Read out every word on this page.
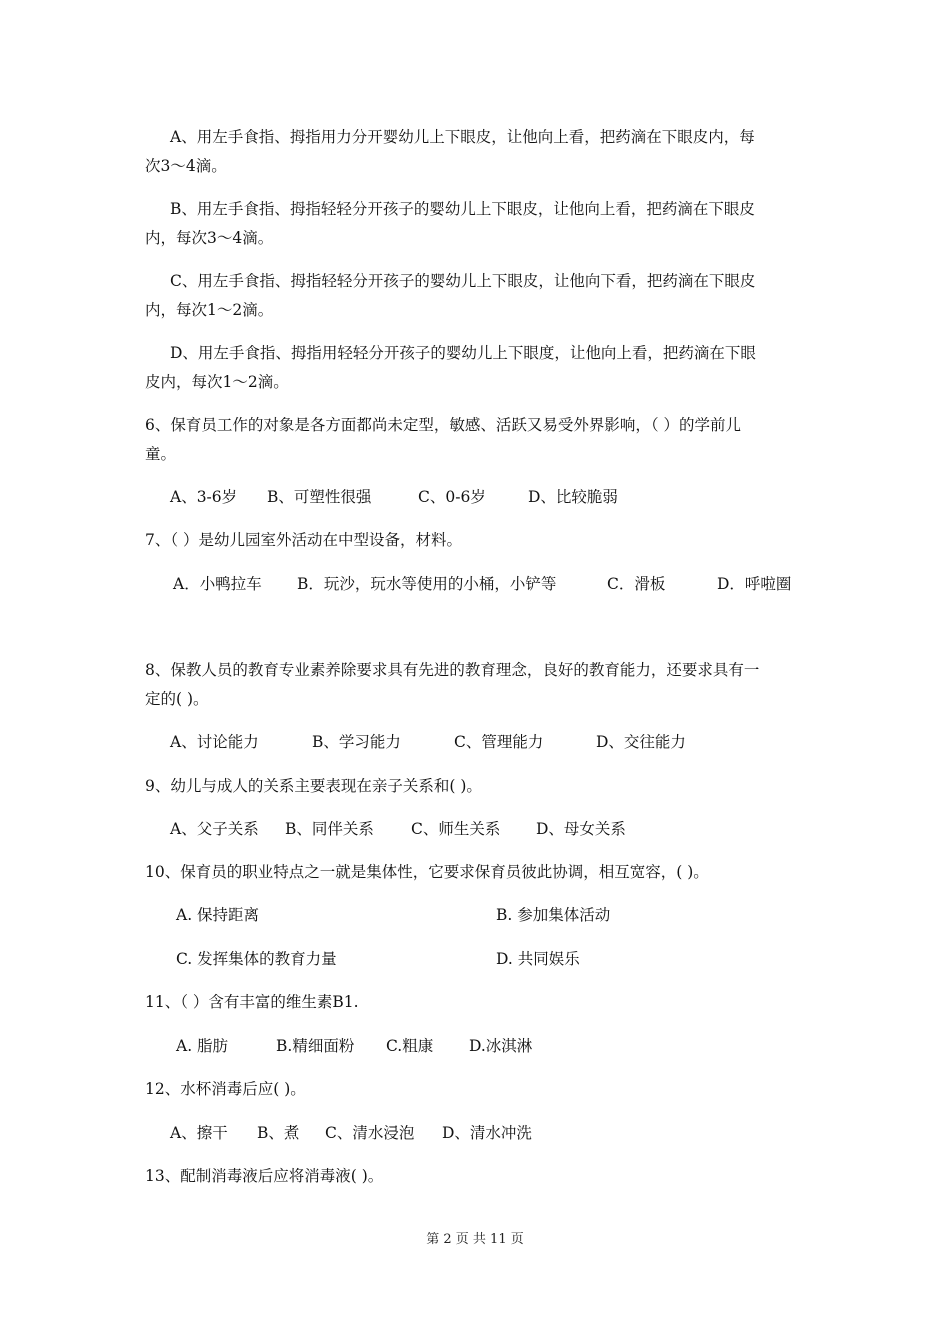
A、用左手食指、拇指用力分开婴幼儿上下眼皮，让他向上看，把药滴在下眼皮内，每
次3～4滴。
B、用左手食指、拇指轻轻分开孩子的婴幼儿上下眼皮，让他向上看，把药滴在下眼皮
内，每次3～4滴。
C、用左手食指、拇指轻轻分开孩子的婴幼儿上下眼皮，让他向下看，把药滴在下眼皮
内，每次1～2滴。
D、用左手食指、拇指用轻轻分开孩子的婴幼儿上下眼度，让他向上看，把药滴在下眼
皮内，每次1～2滴。
6、保育员工作的对象是各方面都尚未定型，敏感、活跃又易受外界影响，（ ）的学前儿
童。
A、3-6岁 B、可塑性很强	C、0-6岁	D、比较脆弱
7、（ ）是幼儿园室外活动在中型设备，材料。
A．小鸭拉车 B．玩沙，玩水等使用的小桶，小铲等	C．滑板	D．呼啦圈
8、保教人员的教育专业素养除要求具有先进的教育理念，良好的教育能力，还要求具有一
定的( )。
A、讨论能力	B、学习能力	C、管理能力	D、交往能力
9、幼儿与成人的关系主要表现在亲子关系和( )。
A、父子关系 B、同伴关系 C、师生关系 D、母女关系
10、保育员的职业特点之一就是集体性，它要求保育员彼此协调，相互宽容，( )。
A. 保持距离	B. 参加集体活动
C. 发挥集体的教育力量	D. 共同娱乐
11、（ ）含有丰富的维生素B1.
A. 脂肪	B.精细面粉 C.粗康 D.冰淇淋
12、水杯消毒后应( )。
A、擦干 B、煮 C、清水浸泡 D、清水冲洗
13、配制消毒液后应将消毒液( )。
第 2 页 共 11 页
